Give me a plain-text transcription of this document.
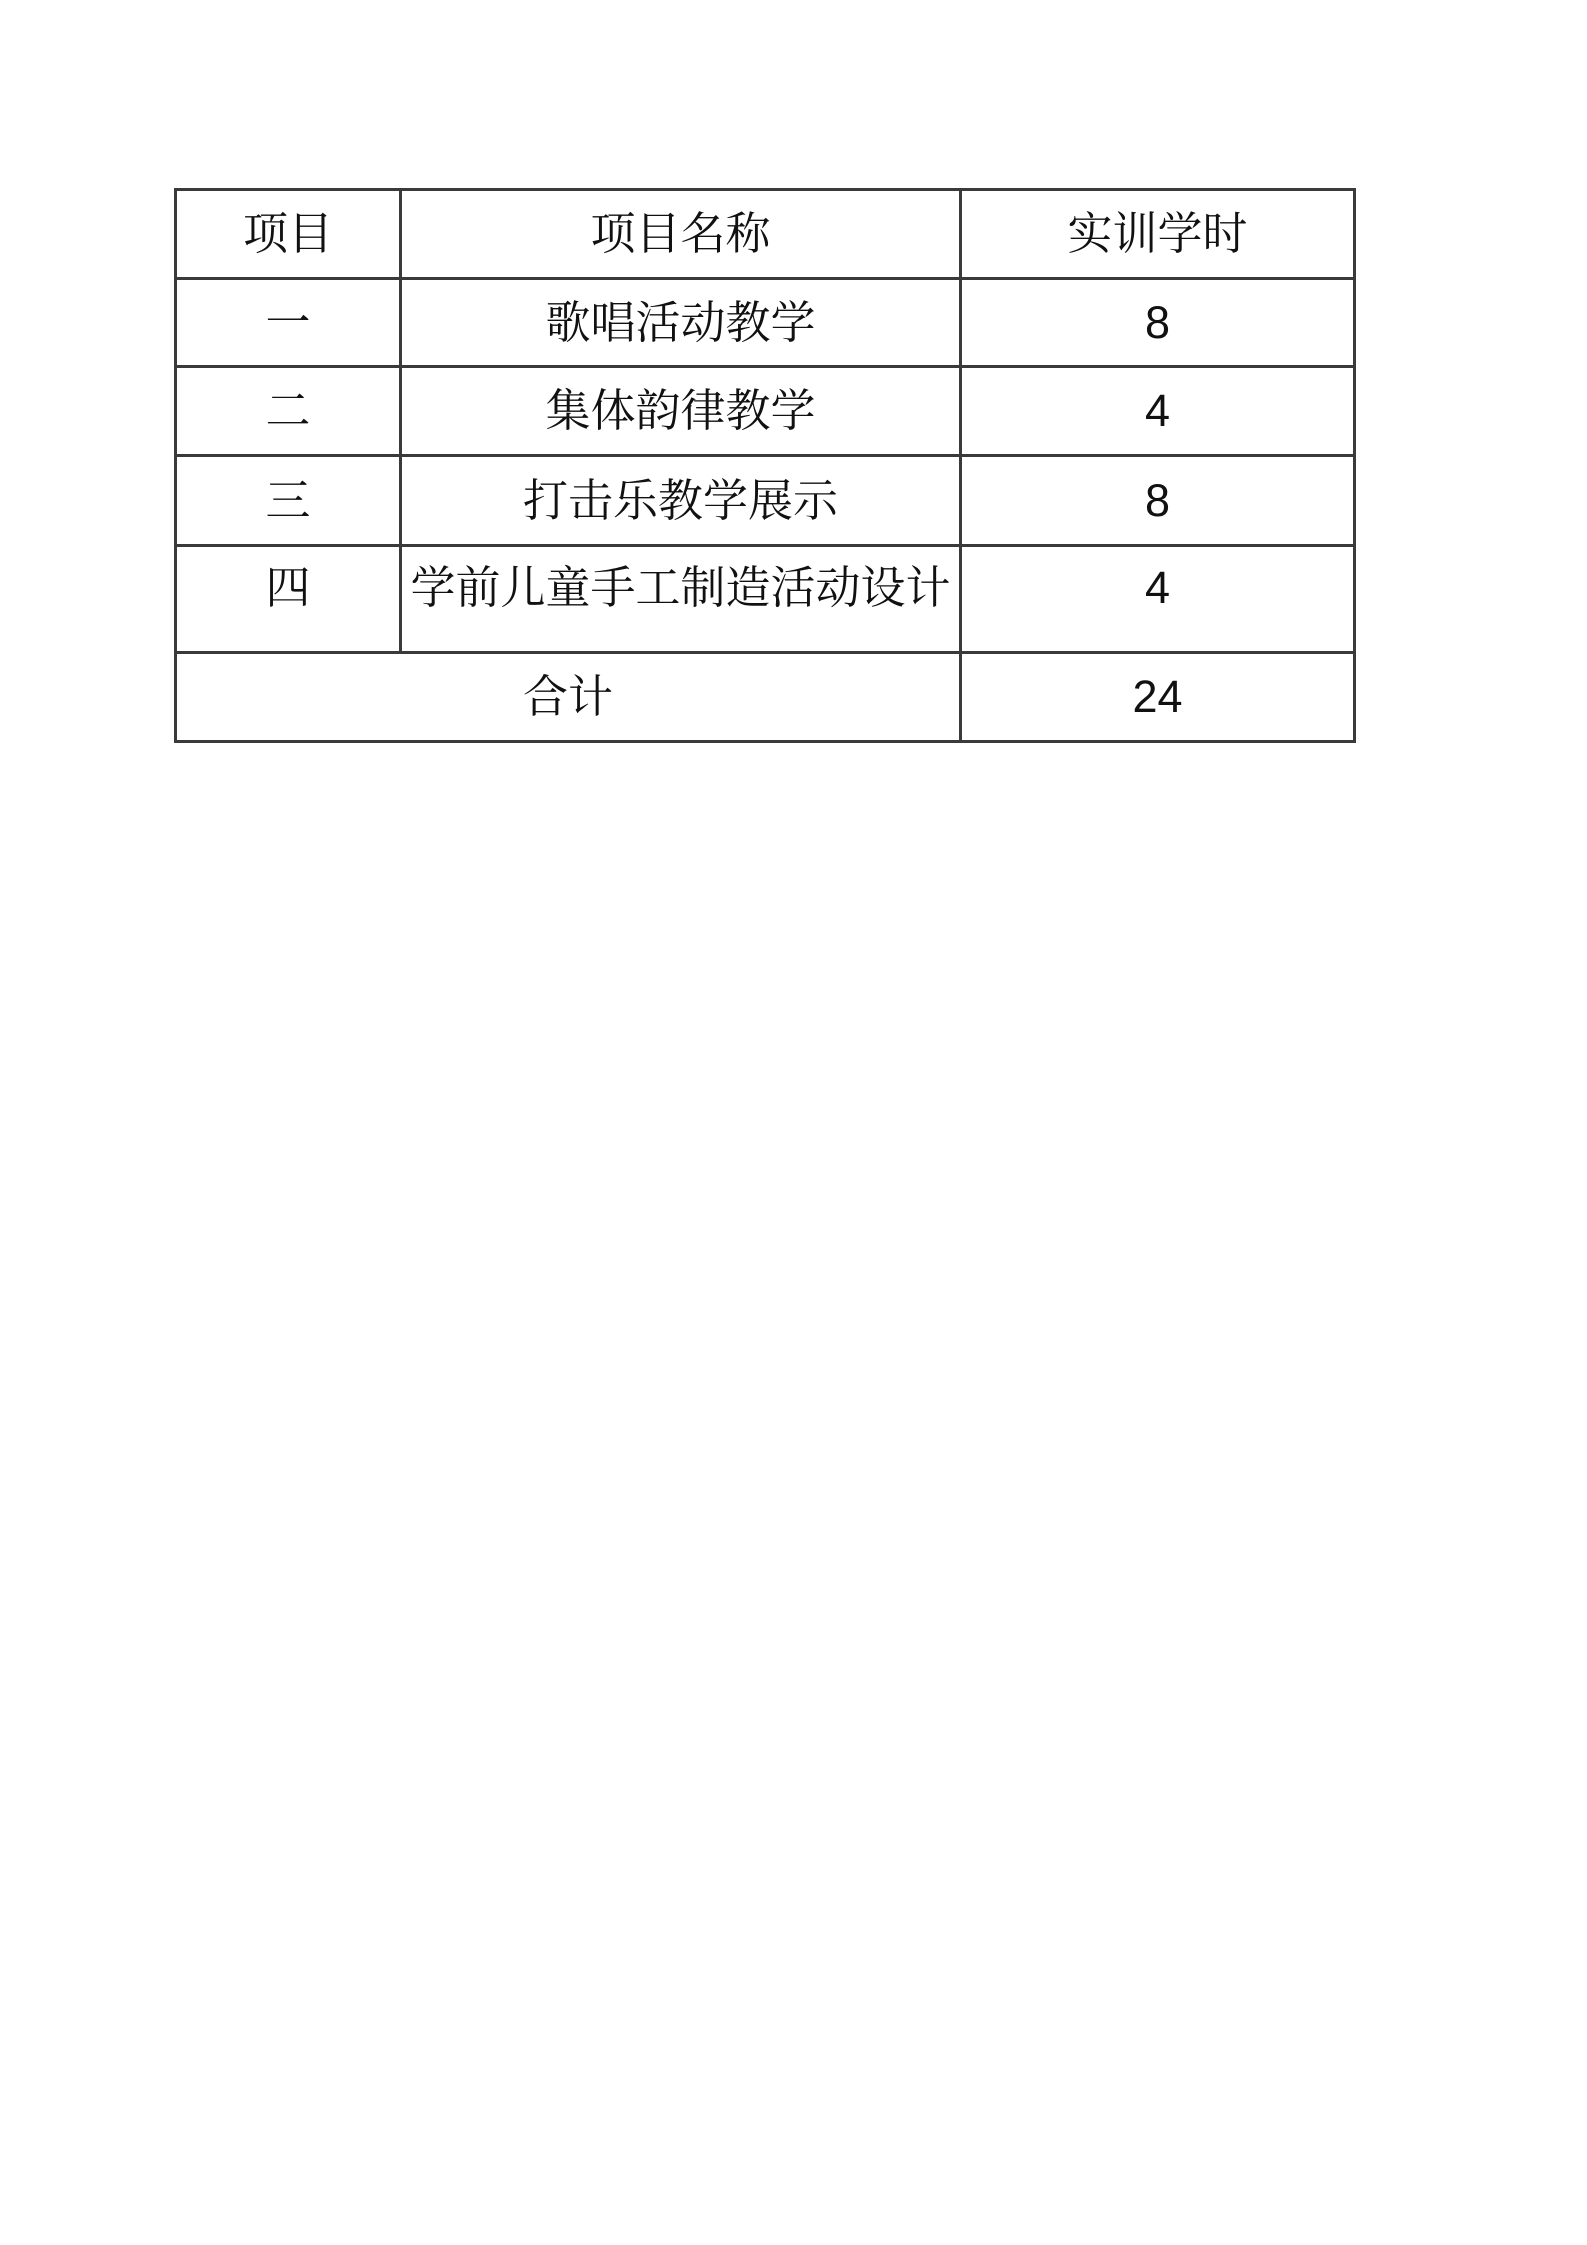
项目	项目名称	实训学时
一	歌唱活动教学	8
二	集体韵律教学	4
三	打击乐教学展示	8
四	学前儿童手工制造活动设计	4
合计		24
